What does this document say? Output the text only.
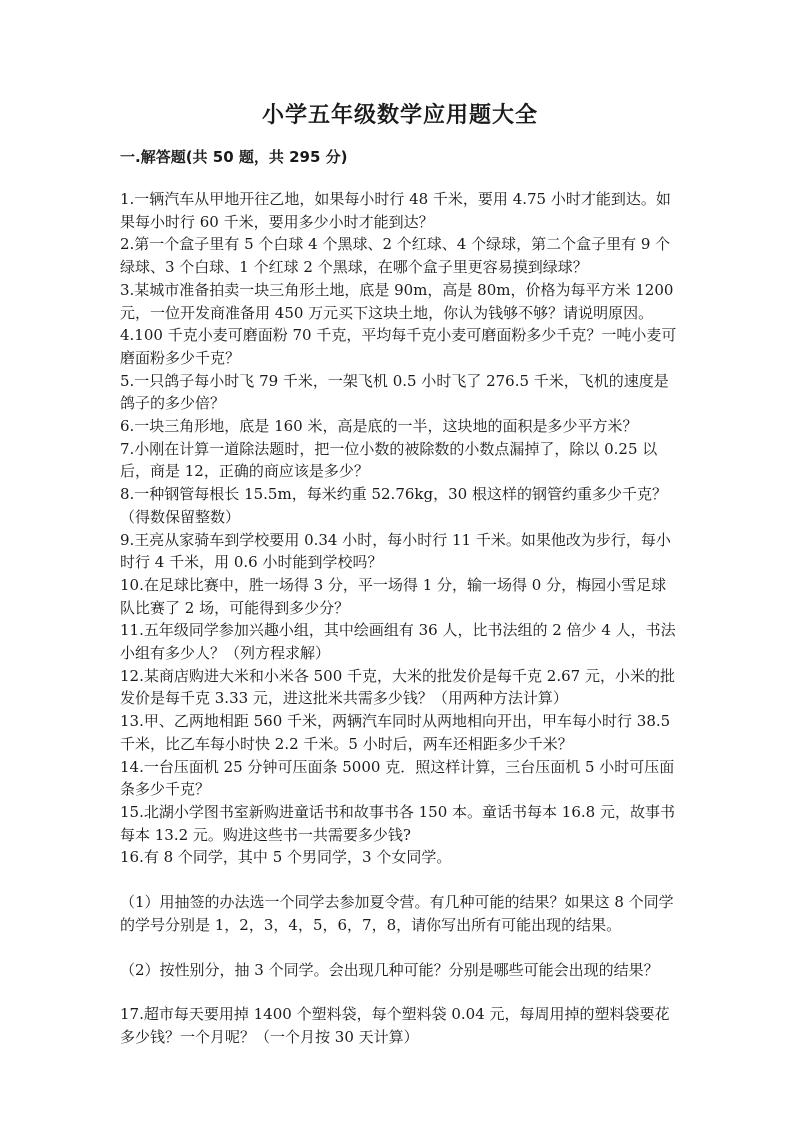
小学五年级数学应用题大全
一.解答题(共 50 题，共 295 分)

1.一辆汽车从甲地开往乙地，如果每小时行 48 千米，要用 4.75 小时才能到达。如果每小时行 60 千米，要用多少小时才能到达？

2.第一个盒子里有 5 个白球 4 个黑球、2 个红球、4 个绿球，第二个盒子里有 9 个绿球、3 个白球、1 个红球 2 个黑球，在哪个盒子里更容易摸到绿球？

3.某城市准备拍卖一块三角形土地，底是 90m，高是 80m，价格为每平方米 1200 元，一位开发商准备用 450 万元买下这块土地，你认为钱够不够？请说明原因。

4.100 千克小麦可磨面粉 70 千克，平均每千克小麦可磨面粉多少千克？一吨小麦可磨面粉多少千克？

5.一只鸽子每小时飞 79 千米，一架飞机 0.5 小时飞了 276.5 千米，飞机的速度是鸽子的多少倍？

6.一块三角形地，底是 160 米，高是底的一半，这块地的面积是多少平方米？

7.小刚在计算一道除法题时，把一位小数的被除数的小数点漏掉了，除以 0.25 以后，商是 12，正确的商应该是多少？

8.一种钢管每根长 15.5m，每米约重 52.76kg，30 根这样的钢管约重多少千克？（得数保留整数）

9.王亮从家骑车到学校要用 0.34 小时，每小时行 11 千米。如果他改为步行，每小时行 4 千米，用 0.6 小时能到学校吗？

10.在足球比赛中，胜一场得 3 分，平一场得 1 分，输一场得 0 分，梅园小雪足球队比赛了 2 场，可能得到多少分？

11.五年级同学参加兴趣小组，其中绘画组有 36 人，比书法组的 2 倍少 4 人，书法小组有多少人？（列方程求解）

12.某商店购进大米和小米各 500 千克，大米的批发价是每千克 2.67 元，小米的批发价是每千克 3.33 元，进这批米共需多少钱？（用两种方法计算）

13.甲、乙两地相距 560 千米，两辆汽车同时从两地相向开出，甲车每小时行 38.5 千米，比乙车每小时快 2.2 千米。5 小时后，两车还相距多少千米？

14.一台压面机 25 分钟可压面条 5000 克．照这样计算，三台压面机 5 小时可压面条多少千克？

15.北湖小学图书室新购进童话书和故事书各 150 本。童话书每本 16.8 元，故事书每本 13.2 元。购进这些书一共需要多少钱?

16.有 8 个同学，其中 5 个男同学，3 个女同学。

（1）用抽签的办法选一个同学去参加夏令营。有几种可能的结果？如果这 8 个同学的学号分别是 1，2，3，4，5，6，7，8，请你写出所有可能出现的结果。

（2）按性别分，抽 3 个同学。会出现几种可能？分别是哪些可能会出现的结果？

17.超市每天要用掉 1400 个塑料袋，每个塑料袋 0.04 元，每周用掉的塑料袋要花多少钱？一个月呢？（一个月按 30 天计算）
